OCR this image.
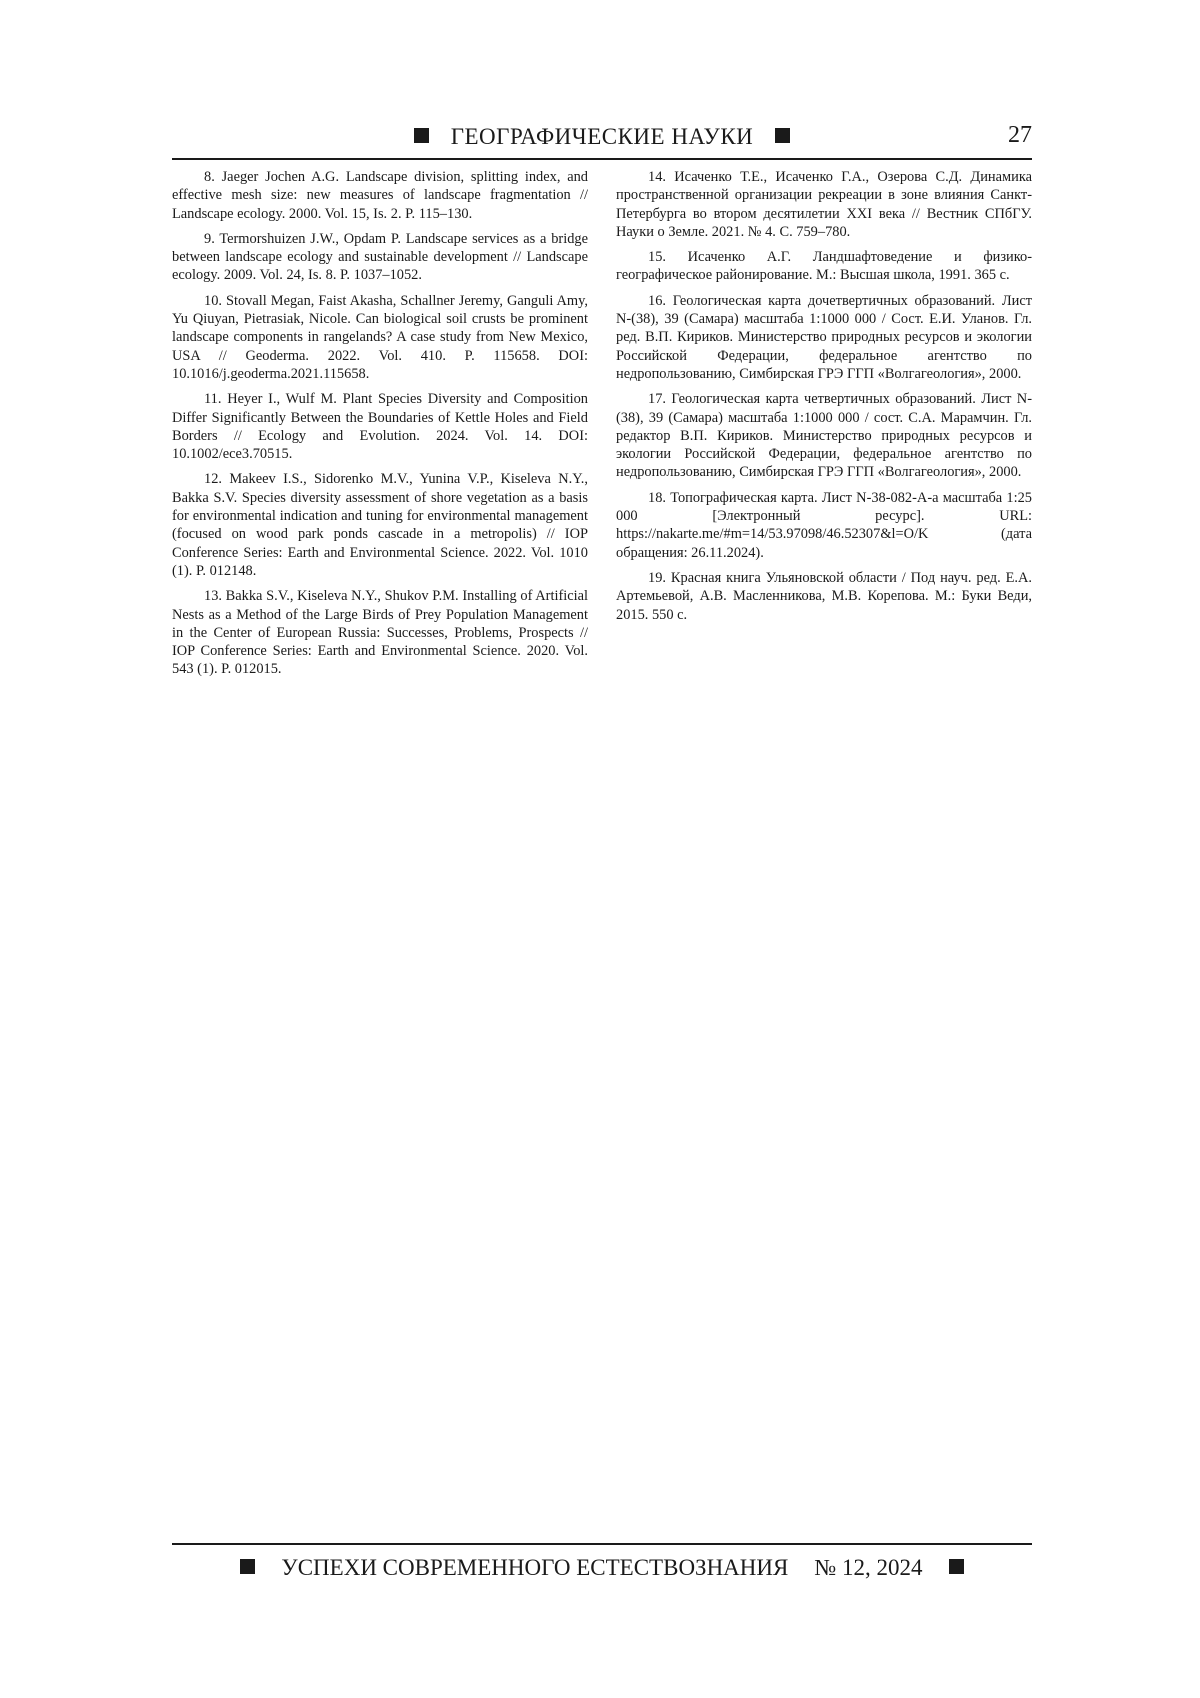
ГЕОГРАФИЧЕСКИЕ НАУКИ	27

8. Jaeger Jochen A.G. Landscape division, splitting index, and effective mesh size: new measures of landscape fragmentation // Landscape ecology. 2000. Vol. 15, Is. 2. P. 115–130.

9. Termorshuizen J.W., Opdam P. Landscape services as a bridge between landscape ecology and sustainable development // Landscape ecology. 2009. Vol. 24, Is. 8. P. 1037–1052.

10. Stovall Megan, Faist Akasha, Schallner Jeremy, Ganguli Amy, Yu Qiuyan, Pietrasiak, Nicole. Can biological soil crusts be prominent landscape components in rangelands? A case study from New Mexico, USA // Geoderma. 2022. Vol. 410. P. 115658. DOI: 10.1016/j.geoderma.2021.115658.

11. Heyer I., Wulf M. Plant Species Diversity and Composition Differ Significantly Between the Boundaries of Kettle Holes and Field Borders // Ecology and Evolution. 2024. Vol. 14. DOI: 10.1002/ece3.70515.

12. Makeev I.S., Sidorenko M.V., Yunina V.P., Kiseleva N.Y., Bakka S.V. Species diversity assessment of shore vegetation as a basis for environmental indication and tuning for environmental management (focused on wood park ponds cascade in a metropolis) // IOP Conference Series: Earth and Environmental Science. 2022. Vol. 1010 (1). P. 012148.

13. Bakka S.V., Kiseleva N.Y., Shukov P.M. Installing of Artificial Nests as a Method of the Large Birds of Prey Population Management in the Center of European Russia: Successes, Problems, Prospects // IOP Conference Series: Earth and Environmental Science. 2020. Vol. 543 (1). P. 012015.

14. Исаченко Т.Е., Исаченко Г.А., Озерова С.Д. Динамика пространственной организации рекреации в зоне влияния Санкт-Петербурга во втором десятилетии XXI века // Вестник СПбГУ. Науки о Земле. 2021. № 4. С. 759–780.

15. Исаченко А.Г. Ландшафтоведение и физико-географическое районирование. М.: Высшая школа, 1991. 365 с.

16. Геологическая карта дочетвертичных образований. Лист N-(38), 39 (Самара) масштаба 1:1000 000 / Сост. Е.И. Уланов. Гл. ред. В.П. Кириков. Министерство природных ресурсов и экологии Российской Федерации, федеральное агентство по недропользованию, Симбирская ГРЭ ГГП «Волгагеология», 2000.

17. Геологическая карта четвертичных образований. Лист N-(38), 39 (Самара) масштаба 1:1000 000 / сост. С.А. Марамчин. Гл. редактор В.П. Кириков. Министерство природных ресурсов и экологии Российской Федерации, федеральное агентство по недропользованию, Симбирская ГРЭ ГГП «Волгагеология», 2000.

18. Топографическая карта. Лист N-38-082-А-а масштаба 1:25 000 [Электронный ресурс]. URL: https://nakarte.me/#m=14/53.97098/46.52307&l=O/K (дата обращения: 26.11.2024).

19. Красная книга Ульяновской области / Под науч. ред. Е.А. Артемьевой, А.В. Масленникова, М.В. Корепова. М.: Буки Веди, 2015. 550 с.

УСПЕХИ СОВРЕМЕННОГО ЕСТЕСТВОЗНАНИЯ № 12, 2024
